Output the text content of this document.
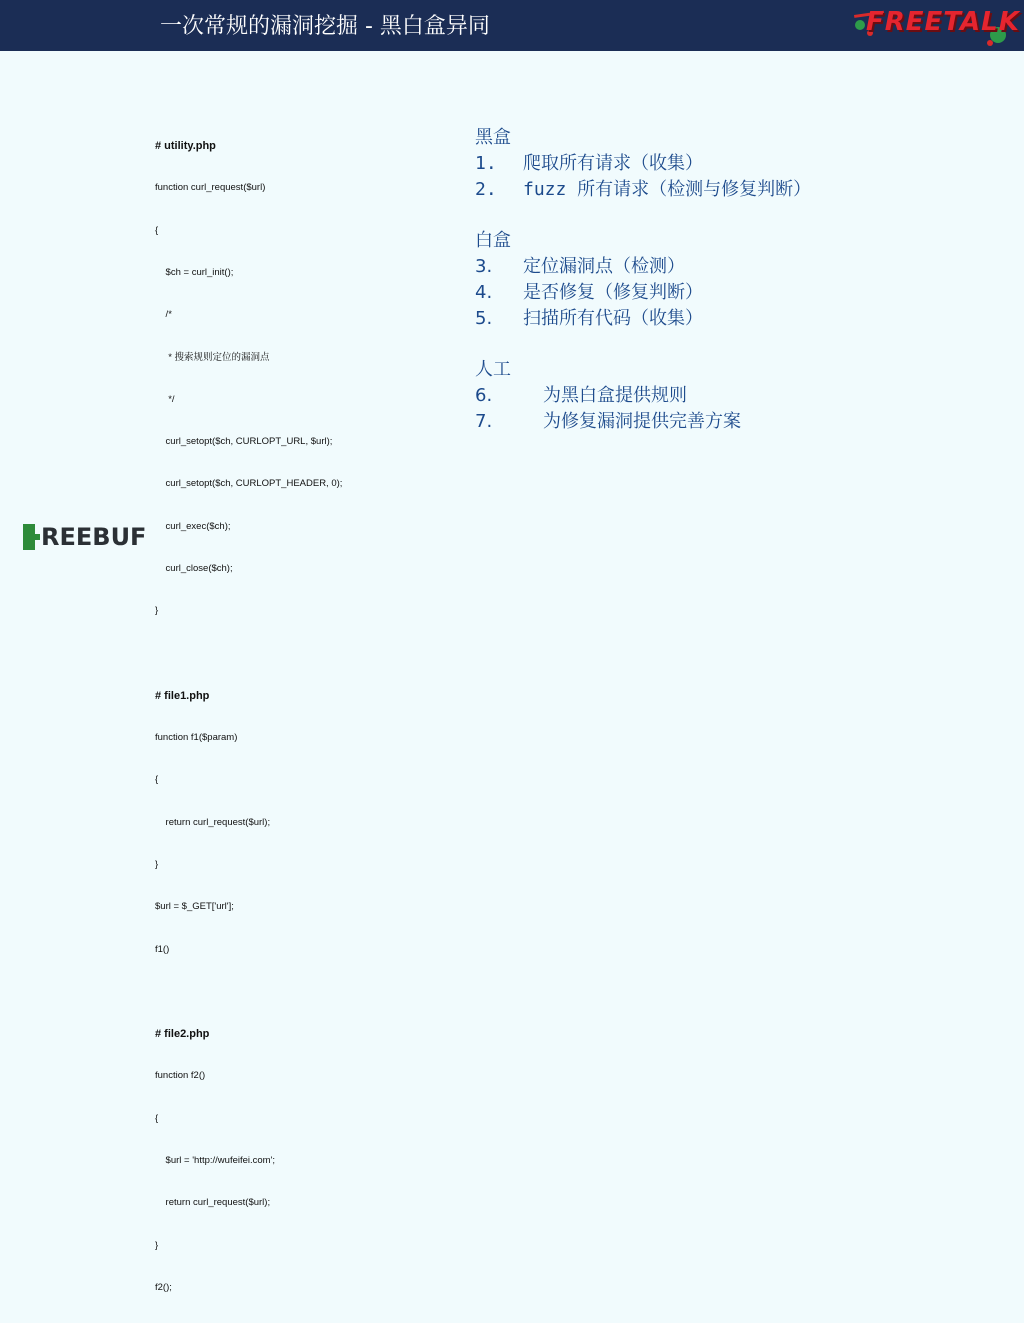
一次常规的漏洞挖掘 - 黑白盒异同	FREETALK

# utility.php

function curl_request($url)

{

$ch = curl_init();

/*

* 搜索规则定位的漏洞点

*/

curl_setopt($ch, CURLOPT_URL, $url);

curl_setopt($ch, CURLOPT_HEADER, 0);

curl_exec($ch);

curl_close($ch);

}

# file1.php

function f1($param)

{

return curl_request($url);

}

$url = $_GET['url'];

f1()

# file2.php

function f2()

{

$url = 'http://wufeifei.com';

return curl_request($url);

}

f2();

黑盒
1. 爬取所有请求（收集）
2. fuzz 所有请求（检测与修复判断）
白盒
3. 定位漏洞点（检测）
4. 是否修复（修复判断）
5. 扫描所有代码（收集）
人工
6.	为黑白盒提供规则
7.	为修复漏洞提供完善方案
REEBUF
